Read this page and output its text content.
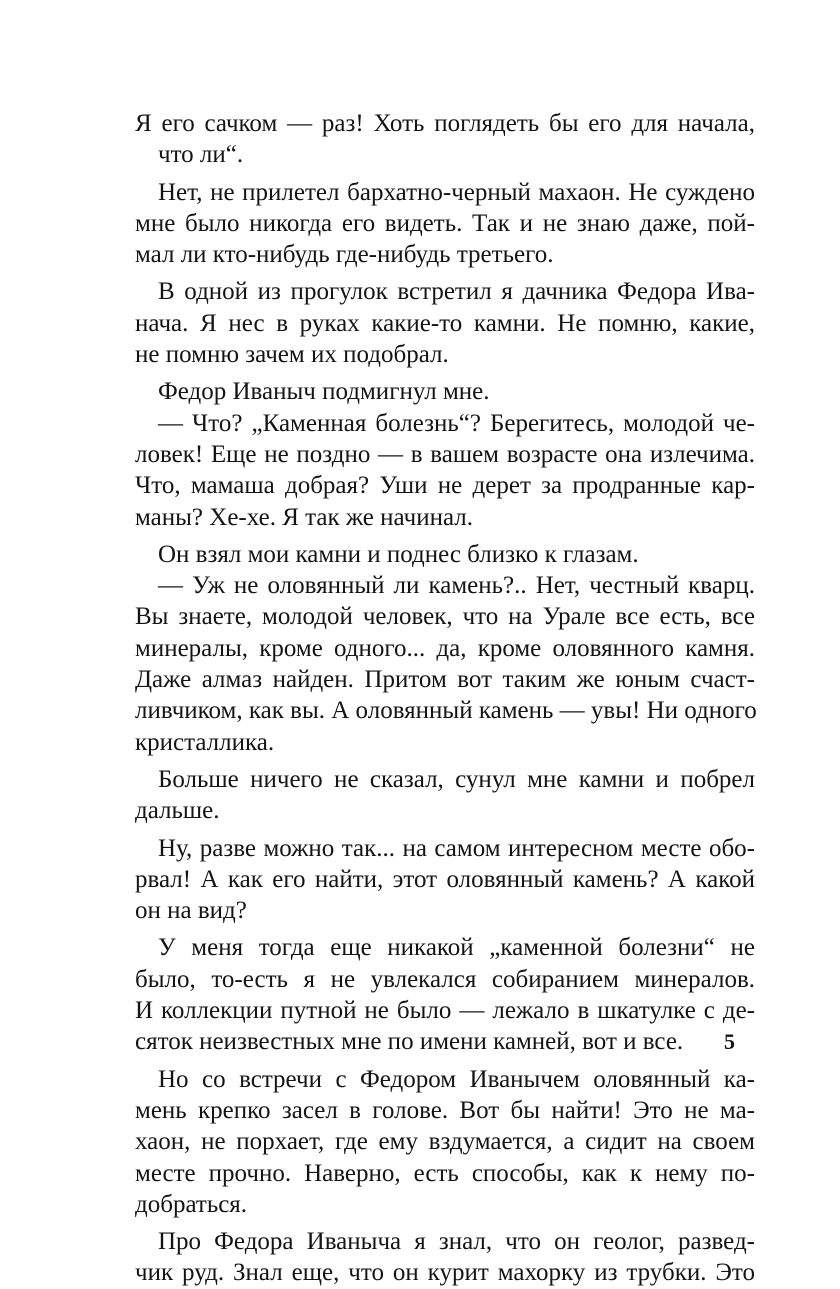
Я его сачком — раз! Хоть поглядеть бы его для начала,
что ли“.
Нет, не прилетел бархатно-черный махаон. Не суждено
мне было никогда его видеть. Так и не знаю даже, пой-
мал ли кто-нибудь где-нибудь третьего.
В одной из прогулок встретил я дачника Федора Ива-
нача. Я нес в руках какие-то камни. Не помню, какие,
не помню зачем их подобрал.
Федор Иваныч подмигнул мне.
— Что? „Каменная болезнь“? Берегитесь, молодой че-
ловек! Еще не поздно — в вашем возрасте она излечима.
Что, мамаша добрая? Уши не дерет за продранные кар-
маны? Хе-хе. Я так же начинал.
Он взял мои камни и поднес близко к глазам.
— Уж не оловянный ли камень?.. Нет, честный кварц.
Вы знаете, молодой человек, что на Урале все есть, все
минералы, кроме одного... да, кроме оловянного камня.
Даже алмаз найден. Притом вот таким же юным счаст-
ливчиком, как вы. А оловянный камень — увы! Ни одного
кристаллика.
Больше ничего не сказал, сунул мне камни и побрел
дальше.
Ну, разве можно так... на самом интересном месте обо-
рвал! А как его найти, этот оловянный камень? А какой
он на вид?
У меня тогда еще никакой „каменной болезни“ не
было, то-есть я не увлекался собиранием минералов.
И коллекции путной не было — лежало в шкатулке с де-
сяток неизвестных мне по имени камней, вот и все.
Но со встречи с Федором Иванычем оловянный ка-
мень крепко засел в голове. Вот бы найти! Это не ма-
хаон, не порхает, где ему вздумается, а сидит на своем
месте прочно. Наверно, есть способы, как к нему по-
добраться.
Про Федора Иваныча я знал, что он геолог, развед-
чик руд. Знал еще, что он курит махорку из трубки. Это
5
